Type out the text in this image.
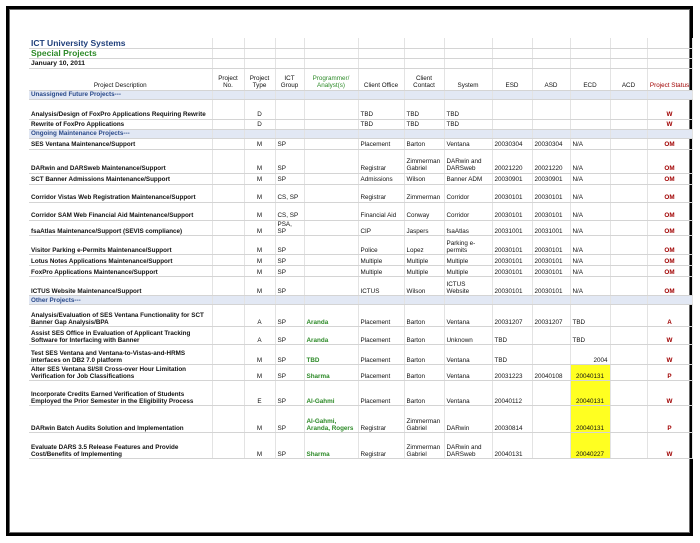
ICT University Systems												
Special Projects												
January 10, 2011												
Project Description	Project No.	Project Type	ICT Group	Programmer/ Analyst(s)	Client Office	Client Contact	System	ESD	ASD	ECD	ACD	Project Status
Unassigned Future Projects---												
Analysis/Design of FoxPro Applications Requiring Rewrite		D			TBD	TBD	TBD					W
Rewrite of FoxPro Applications		D			TBD	TBD	TBD					W
Ongoing Maintenance Projects---												
SES Ventana Maintenance/Support		M	SP		Placement	Barton	Ventana	20030304	20030304	N/A		OM
DARwin and DARSweb Maintenance/Support		M	SP		Registrar	Zimmerman Gabriel	DARwin and DARSweb	20021220	20021220	N/A		OM
SCT Banner Admissions Maintenance/Support		M	SP		Admissions	Wilson	Banner ADM	20030901	20030901	N/A		OM
Corridor Vistas Web Registration Maintenance/Support		M	CS, SP		Registrar	Zimmerman	Corridor	20030101	20030101	N/A		OM
Corridor SAM Web Financial Aid Maintenance/Support		M	CS, SP		Financial Aid	Conway	Corridor	20030101	20030101	N/A		OM
fsaAtlas Maintenance/Support (SEVIS compliance)		M	PSA, SP		CIP	Jaspers	fsaAtlas	20031001	20031001	N/A		OM
Visitor Parking e-Permits Maintenance/Support		M	SP		Police	Lopez	Parking e-permits	20030101	20030101	N/A		OM
Lotus Notes Applications Maintenance/Support		M	SP		Multiple	Multiple	Multiple	20030101	20030101	N/A		OM
FoxPro Applications Maintenance/Support		M	SP		Multiple	Multiple	Multiple	20030101	20030101	N/A		OM
ICTUS Website Maintenance/Support		M	SP		ICTUS	Wilson	ICTUS Website	20030101	20030101	N/A		OM
Other Projects---												
Analysis/Evaluation of SES Ventana Functionality for SCT Banner Gap Analysis/BPA		A	SP	Aranda	Placement	Barton	Ventana	20031207	20031207	TBD		A
Assist SES Office in Evaluation of Applicant Tracking Software for Interfacing with Banner		A	SP	Aranda	Placement	Barton	Unknown	TBD		TBD		W
Test SES Ventana and Ventana-to-Vistas-and-HRMS interfaces on DB2 7.0 platform		M	SP	TBD	Placement	Barton	Ventana	TBD		2004		W
Alter SES Ventana SI/SII Cross-over Hour Limitation Verification for Job Classifications		M	SP	Sharma	Placement	Barton	Ventana	20031223	20040108	20040131		P
Incorporate Credits Earned Verification of Students Employed the Prior Semester in the Eligibility Process		E	SP	Al-Gahmi	Placement	Barton	Ventana	20040112		20040131		W
DARwin Batch Audits Solution and Implementation		M	SP	Al-Gahmi, Aranda, Rogers	Registrar	Zimmerman Gabriel	DARwin	20030814		20040131		P
Evaluate DARS 3.5 Release Features and Provide Cost/Benefits of Implementing		M	SP	Sharma	Registrar	Zimmerman Gabriel	DARwin and DARSweb	20040131		20040227		W
